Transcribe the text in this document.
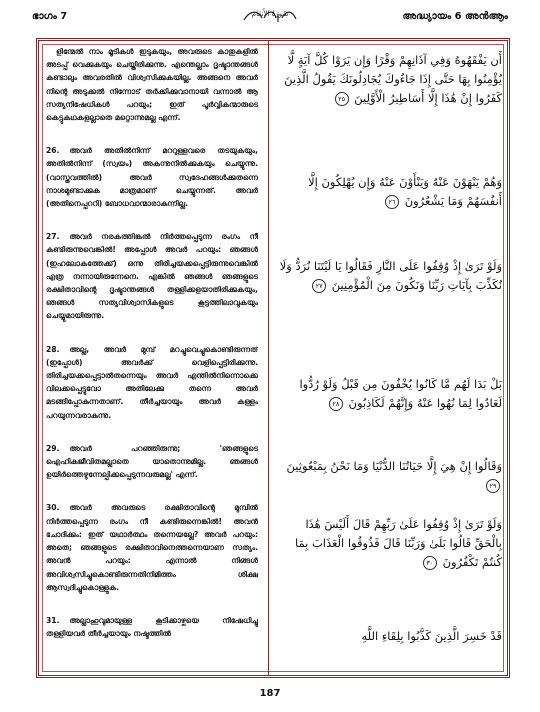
ഭാഗം 7	سُورَةُ الأَنعَام	അദ്ധ്യായം 6 അൻആം

ളിന്മേൽ നാം മൂടികൾ ഇടുകയും, അവരുടെ കാതുകളിൽ അടപ്പ് വെക്കുകയും ചെയ്തിരിക്കുന്നു. എന്തെല്ലാം ദൃഷ്ടാന്തങ്ങൾ കണ്ടാലും അവരതിൽ വിശ്വസിക്കുകയില്ല. അങ്ങനെ അവർ നിന്റെ അടുക്കൽ നിന്നോട് തർക്കിക്കുവാനായി വന്നാൽ ആ സത്യനിഷേധികൾ പറയും; ഇത് പൂർവ്വികന്മാരുടെ കെട്ടുകഥകളല്ലാതെ മറ്റൊന്നുമല്ല എന്ന്.

26. അവർ അതിൽനിന്ന് മററുള്ളവരെ തടയുകയും, അതിൽനിന്ന് (സ്വയം) അകന്നുനിൽക്കുകയും ചെയ്യുന്നു. (വാസ്തവത്തിൽ) അവർ സ്വദേഹങ്ങൾക്കുതന്നെ നാശമുണ്ടാക്കുക മാത്രമാണ് ചെയ്യുന്നത്. അവർ (അതിനെപ്പററി) ബോധവാന്മാരാകുന്നില്ല.

27. അവർ നരകത്തിങ്കൽ നിർത്തപ്പെടുന്ന രംഗം നീ കണ്ടിരുന്നുവെങ്കിൽ! അപ്പോൾ അവർ പറയും: ഞങ്ങൾ (ഇഹലോകത്തേക്ക്) ഒന്നു തിരിച്ചയക്കപ്പെട്ടിരുന്നുവെങ്കിൽ എത്ര നന്നായിരുന്നേനെ. എങ്കിൽ ഞങ്ങൾ ഞങ്ങളുടെ രക്ഷിതാവിന്റെ ദൃഷ്ടാന്തങ്ങൾ തള്ളിക്കളയാതിരിക്കുകയും, ഞങ്ങൾ സത്യവിശ്വാസികളുടെ കൂട്ടത്തിലാവുകയും ചെയ്യുമായിരുന്നു.

28. അല്ല, അവർ മുമ്പ് മറച്ചുവെച്ചുകൊണ്ടിരുന്നത് (ഇപ്പോൾ) അവർക്ക് വെളിപ്പെട്ടിരിക്കുന്നു. തിരിച്ചയക്കപ്പെട്ടാൽതന്നെയും അവർ എന്തിൽനിന്നൊക്കെ വിലക്കപ്പെട്ടുവോ അതിലേക്കു തന്നെ അവർ മടങ്ങിപ്പോകുന്നതാണ്. തീർച്ചയായും അവർ കള്ളം പറയുന്നവരാകുന്നു.

29. അവർ പറഞ്ഞിരുന്നു; 'ഞങ്ങളുടെ ഐഹികജീവിതമല്ലാതെ യാതൊന്നുമില്ല. ഞങ്ങൾ ഉയിർത്തെഴുന്നേല്പിക്കപ്പെടുന്നവരുമല്ല' എന്ന്.

30. അവർ അവരുടെ രക്ഷിതാവിന്റെ മുമ്പിൽ നിർത്തപ്പെടുന്ന രംഗം നീ കണ്ടിരുന്നെങ്കിൽ! അവൻ ചോദിക്കും: ഇത് യഥാർത്ഥം തന്നെയല്ലേ? അവർ പറയും: അതെ; ഞങ്ങളുടെ രക്ഷിതാവിനെത്തന്നെയാണ സത്യം. അവൻ പറയും: എന്നാൽ നിങ്ങൾ അവിശ്വസിച്ചുകൊണ്ടിരുന്നതിനിമിത്തം ശിക്ഷ ആസ്വദിച്ചുകൊള്ളുക.

31. അല്ലാഹുവുമായുള്ള കൂടിക്കാഴ്ചയെ നിഷേധിച്ചു തള്ളിയവർ തീർച്ചയായും നഷ്ടത്തിൽ

أَن يَفْقَهُوهُ وَفِي آذَانِهِمْ وَقْرًا وَإِن يَرَوْا كُلَّ آيَةٍ لَّا يُؤْمِنُوا بِهَا حَتَّى إِذَا جَاءُوكَ يُجَادِلُونَكَ يَقُولُ الَّذِينَ كَفَرُوا إِنْ هَٰذَا إِلَّا أَسَاطِيرُ الْأَوَّلِينَ ٢٥
وَهُمْ يَنْهَوْنَ عَنْهُ وَيَنْأَوْنَ عَنْهُ وَإِن يُهْلِكُونَ إِلَّا أَنفُسَهُمْ وَمَا يَشْعُرُونَ ٢٦
وَلَوْ تَرَىٰ إِذْ وُقِفُوا عَلَى النَّارِ فَقَالُوا يَا لَيْتَنَا نُرَدُّ وَلَا نُكَذِّبَ بِآيَاتِ رَبِّنَا وَنَكُونَ مِنَ الْمُؤْمِنِينَ ٢٧
بَلْ بَدَا لَهُم مَّا كَانُوا يُخْفُونَ مِن قَبْلُ وَلَوْ رُدُّوا لَعَادُوا لِمَا نُهُوا عَنْهُ وَإِنَّهُمْ لَكَاذِبُونَ ٢٨
وَقَالُوا إِنْ هِيَ إِلَّا حَيَاتُنَا الدُّنْيَا وَمَا نَحْنُ بِمَبْعُوثِينَ ٢٩
وَلَوْ تَرَىٰ إِذْ وُقِفُوا عَلَىٰ رَبِّهِمْ قَالَ أَلَيْسَ هَٰذَا بِالْحَقِّ قَالُوا بَلَىٰ وَرَبِّنَا قَالَ فَذُوقُوا الْعَذَابَ بِمَا كُنتُمْ تَكْفُرُونَ ٣٠
قَدْ خَسِرَ الَّذِينَ كَذَّبُوا بِلِقَاءِ اللَّهِ
187
